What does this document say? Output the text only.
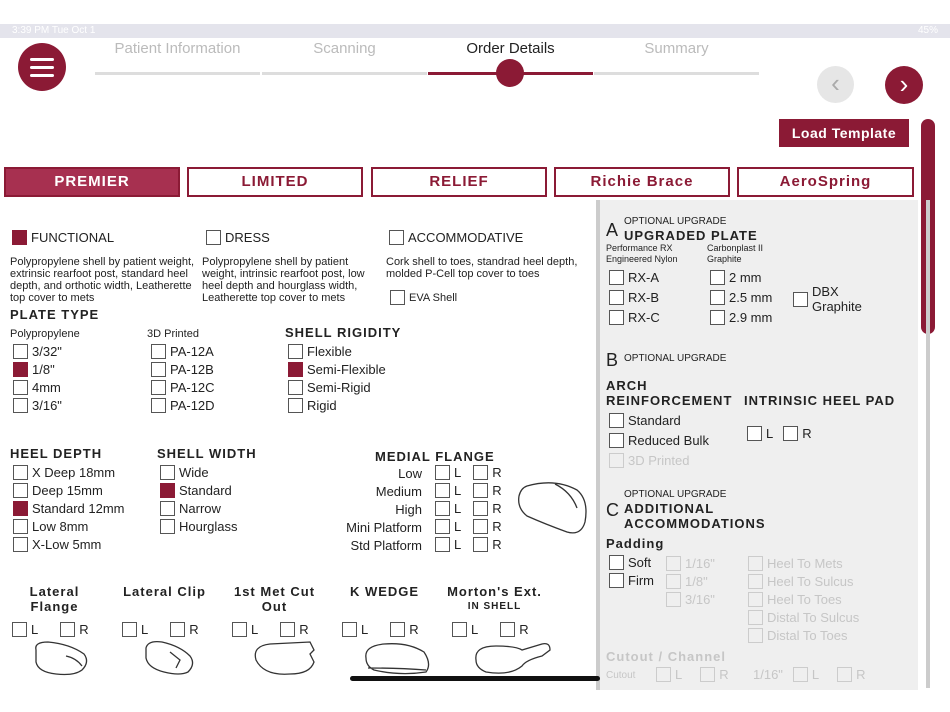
3:39 PM Tue Oct 1	45%
Patient Information	Scanning	Order Details	Summary
‹	›
Load Template
PREMIER	LIMITED	RELIEF	Richie Brace	AeroSpring
FUNCTIONAL
Polypropylene shell by patient weight, extrinsic rearfoot post, standard heel depth, and orthotic width, Leatherette top cover to mets
DRESS
Polypropylene shell by patient weight, intrinsic rearfoot post, low heel depth and hourglass width, Leatherette top cover to mets
ACCOMMODATIVE
Cork shell to toes, standrad heel depth, molded P-Cell top cover to toes
EVA Shell
PLATE TYPE
Polypropylene	3D Printed
3/32"
1/8"
4mm
3/16"
PA-12A
PA-12B
PA-12C
PA-12D
SHELL RIGIDITY
Flexible
Semi-Flexible
Semi-Rigid
Rigid
HEEL DEPTH
X Deep 18mm
Deep 15mm
Standard 12mm
Low 8mm
X-Low 5mm
SHELL WIDTH
Wide
Standard
Narrow
Hourglass
MEDIAL FLANGE
Low L R
Medium L R
High L R
Mini Platform L R
Std Platform L R
Lateral
Flange
L	R
Lateral Clip
L	R
1st Met Cut
Out
L	R
K WEDGE
L	R
Morton's Ext.
IN SHELL
L	R
A OPTIONAL UPGRADE
UPGRADED PLATE
Performance RX Engineered Nylon
Carbonplast II Graphite
RX-A
RX-B
RX-C
2 mm
2.5 mm
2.9 mm
DBX Graphite
B OPTIONAL UPGRADE
ARCH
REINFORCEMENT INTRINSIC HEEL PAD
Standard
Reduced Bulk
3D Printed
L R
C
OPTIONAL UPGRADE
ADDITIONAL
ACCOMMODATIONS
Padding
Soft
Firm
1/16"
1/8"
3/16"
Heel To Mets
Heel To Sulcus
Heel To Toes
Distal To Sulcus
Distal To Toes
Cutout / Channel
Cutout	L	R 1/16" L	R
